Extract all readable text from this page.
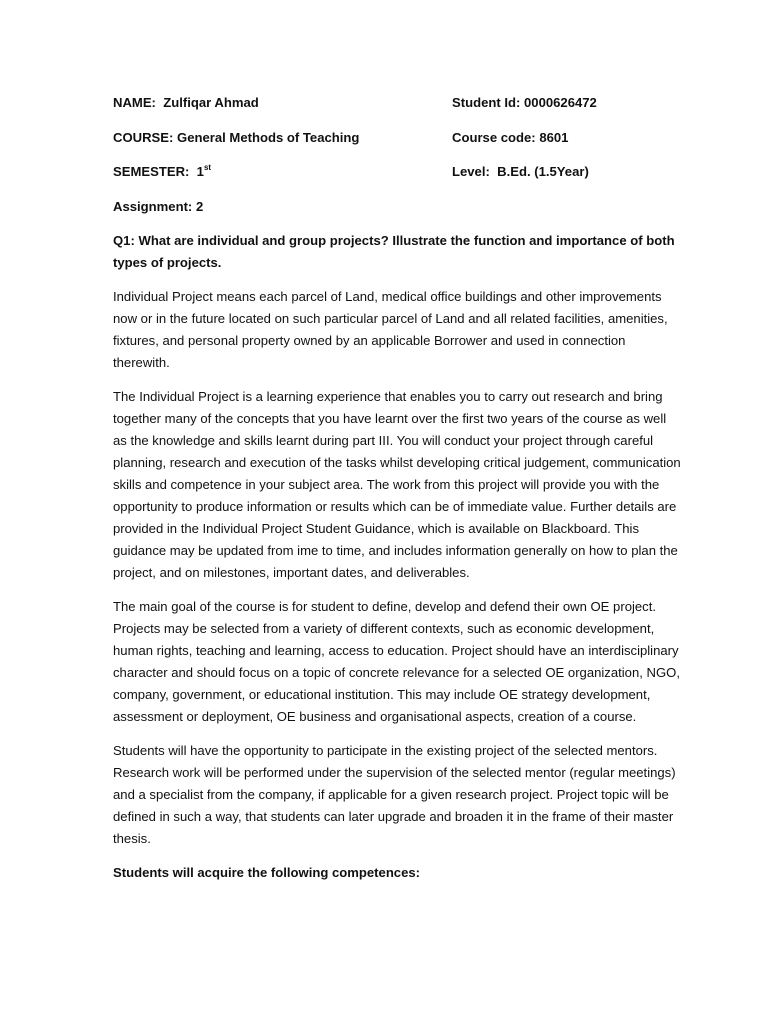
NAME: Zulfiqar Ahmad	Student Id: 0000626472
COURSE: General Methods of Teaching	Course code: 8601
SEMESTER: 1st	Level: B.Ed. (1.5Year)
Assignment: 2
Q1: What are individual and group projects? Illustrate the function and importance of both types of projects.

Individual Project means each parcel of Land, medical office buildings and other improvements now or in the future located on such particular parcel of Land and all related facilities, amenities, fixtures, and personal property owned by an applicable Borrower and used in connection therewith.

The Individual Project is a learning experience that enables you to carry out research and bring together many of the concepts that you have learnt over the first two years of the course as well as the knowledge and skills learnt during part III. You will conduct your project through careful planning, research and execution of the tasks whilst developing critical judgement, communication skills and competence in your subject area. The work from this project will provide you with the opportunity to produce information or results which can be of immediate value. Further details are provided in the Individual Project Student Guidance, which is available on Blackboard. This guidance may be updated from ime to time, and includes information generally on how to plan the project, and on milestones, important dates, and deliverables.

The main goal of the course is for student to define, develop and defend their own OE project. Projects may be selected from a variety of different contexts, such as economic development, human rights, teaching and learning, access to education. Project should have an interdisciplinary character and should focus on a topic of concrete relevance for a selected OE organization, NGO, company, government, or educational institution. This may include OE strategy development, assessment or deployment, OE business and organisational aspects, creation of a course.

Students will have the opportunity to participate in the existing project of the selected mentors. Research work will be performed under the supervision of the selected mentor (regular meetings) and a specialist from the company, if applicable for a given research project. Project topic will be defined in such a way, that students can later upgrade and broaden it in the frame of their master thesis.

Students will acquire the following competences:
